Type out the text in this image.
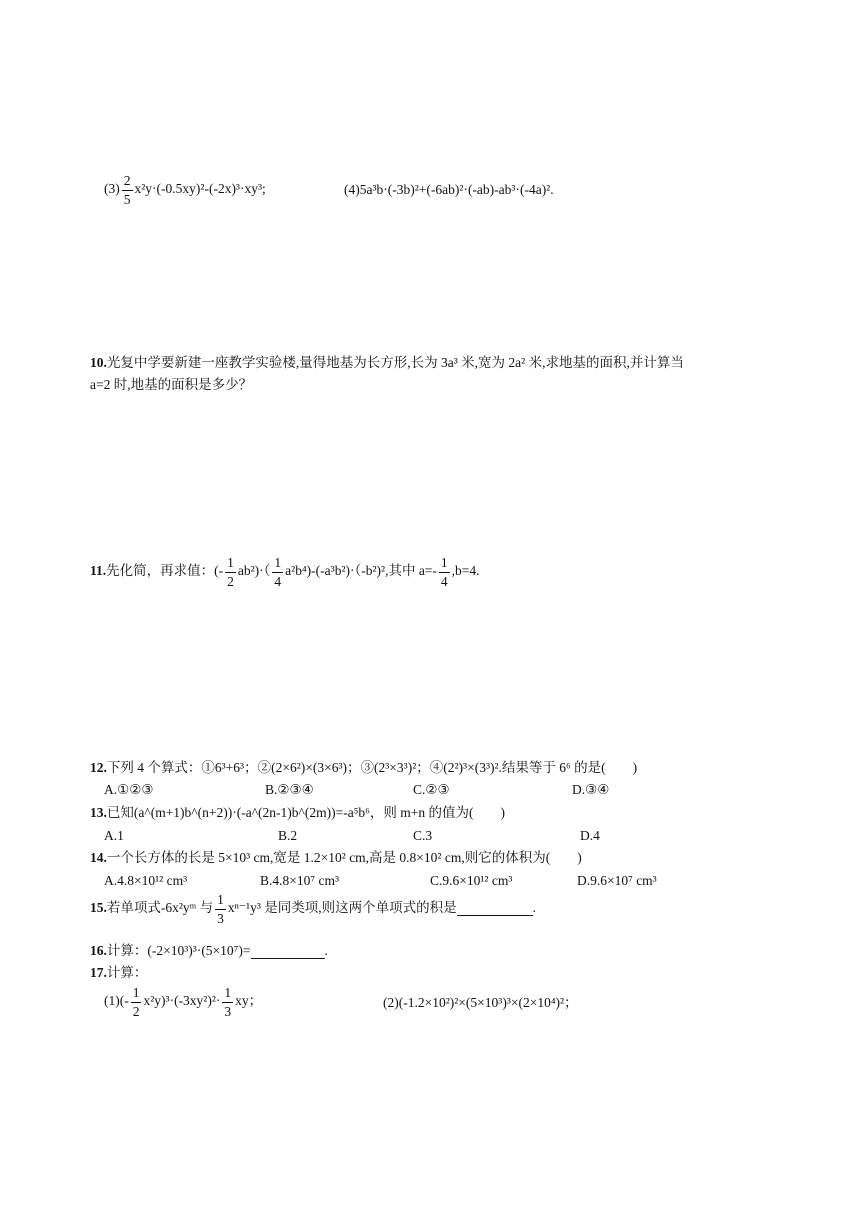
$(3) \frac{2}{5} x^2y\cdot(-0.5xy)^2-(-2x)^3\cdot xy^3$;	(4)5a³b·(-3b)²+(-6ab)²·(-ab)-ab³·(-4a)².
10.光复中学要新建一座教学实验楼,量得地基为长方形,长为 3a³ 米,宽为 2a² 米,求地基的面积,并计算当
a=2 时,地基的面积是多少？
11.先化简，再求值：(- $\frac{1}{2} ab^2)\cdot( \frac{1}{4} a^2b^4)-(-a^3b^2)\cdot(-b^2)^2$,其中 $a=- \frac{1}{4} ,b=4$.
12.下列 4 个算式：①6³+6³；②(2×6²)×(3×6³)；③(2³×3³)²；④(2²)³×(3³)².结果等于 6⁶ 的是(　　)
A.①②③	B.②③④	C.②③	D.③④
13.已知(a^(m+1)b^(n+2))·(-a^(2n-1)b^(2m))=-a⁵b⁶，则 m+n 的值为(　　)
A.1	B.2	C.3	D.4
14.一个长方体的长是 5×10³ cm,宽是 1.2×10² cm,高是 0.8×10² cm,则它的体积为(　　)
A.4.8×10¹² cm³	B.4.8×10⁷ cm³	C.9.6×10¹² cm³	D.9.6×10⁷ cm³
15.若单项式-6x²yᵐ 与 $\frac{1}{3} x^{n-1}y^3$ 是同类项,则这两个单项式的积是	.
16.计算：(-2×10³)³·(5×10⁷)=	.
17.计算：
$(1)(- \frac{1}{2} x^2y)^3\cdot(-3xy^2)^2\cdot \frac{1}{3}$ xy；	(2)(-1.2×10²)²×(5×10³)³×(2×10⁴)²；
